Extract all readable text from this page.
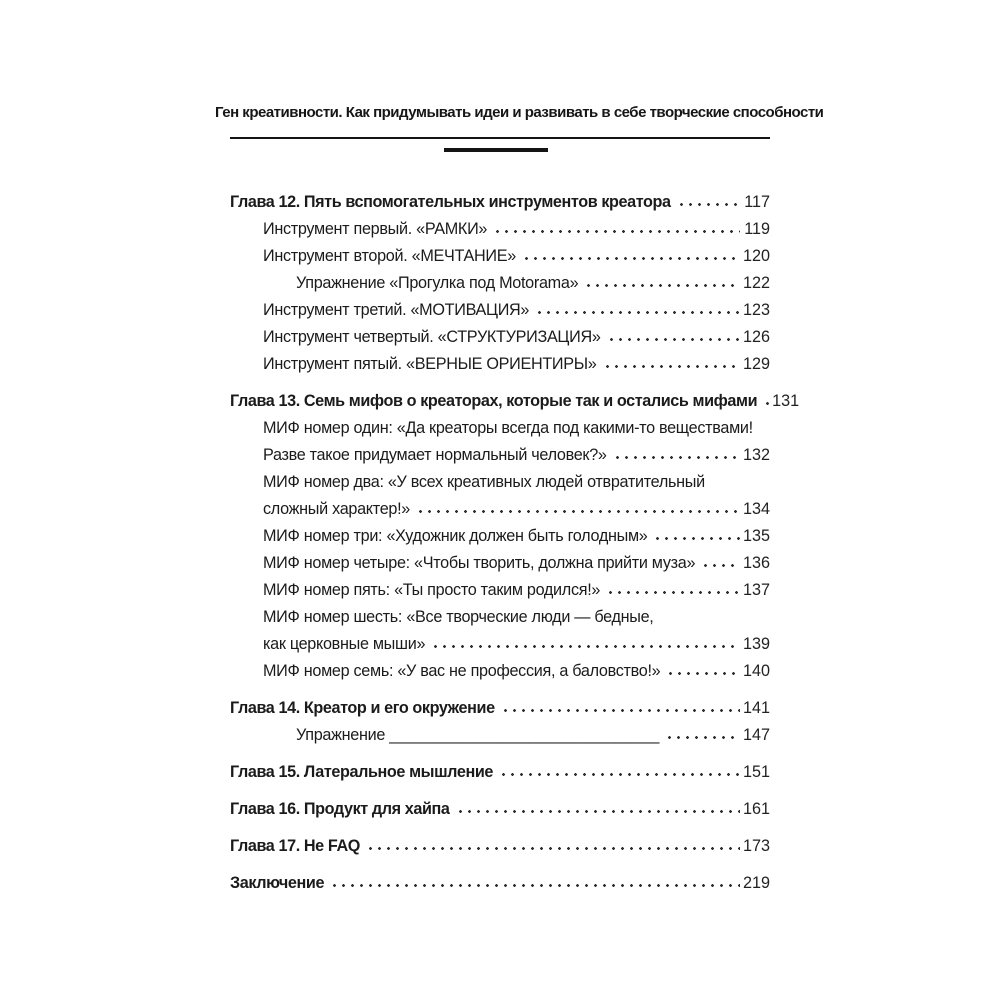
Ген креативности. Как придумывать идеи и развивать в себе творческие способности
Глава 12. Пять вспомогательных инструментов креатора	117
Инструмент первый. «РАМКИ»	119
Инструмент второй. «МЕЧТАНИЕ»	120
Упражнение «Прогулка под Motorama»	122
Инструмент третий. «МОТИВАЦИЯ»	123
Инструмент четвертый. «СТРУКТУРИЗАЦИЯ»	126
Инструмент пятый. «ВЕРНЫЕ ОРИЕНТИРЫ»	129
Глава 13. Семь мифов о креаторах, которые так и остались мифами 131
МИФ номер один: «Да креаторы всегда под какими-то веществами!
Разве такое придумает нормальный человек?»	132
МИФ номер два: «У всех креативных людей отвратительный
сложный характер!»	134
МИФ номер три: «Художник должен быть голодным»	135
МИФ номер четыре: «Чтобы творить, должна прийти муза»	136
МИФ номер пять: «Ты просто таким родился!»	137
МИФ номер шесть: «Все творческие люди — бедные,
как церковные мыши»	139
МИФ номер семь: «У вас не профессия, а баловство!»	140
Глава 14. Креатор и его окружение	141
Упражнение _______________________________	147
Глава 15. Латеральное мышление	151
Глава 16. Продукт для хайпа	161
Глава 17. Не FAQ	173
Заключение	219
